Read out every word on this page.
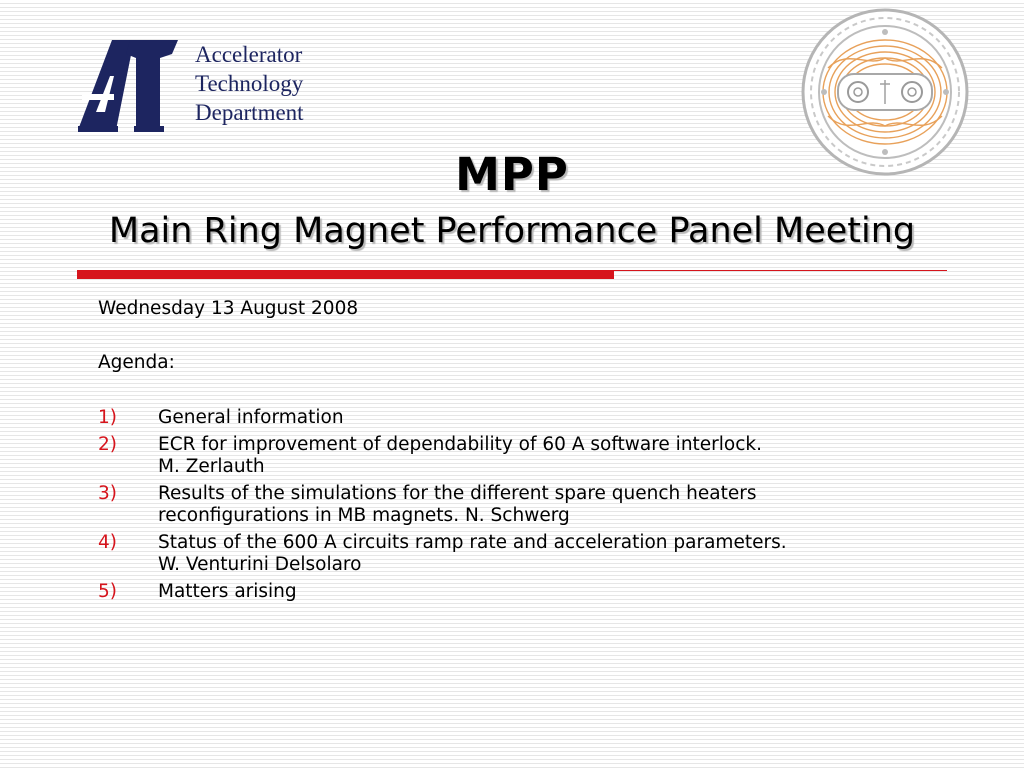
Accelerator
Technology
Department
MPP
Main Ring Magnet Performance Panel Meeting
Wednesday 13 August 2008
Agenda:
1) General information
2) ECR for improvement of dependability of 60 A software interlock.
M. Zerlauth
3) Results of the simulations for the different spare quench heaters
reconfigurations in MB magnets. N. Schwerg
4) Status of the 600 A circuits ramp rate and acceleration parameters.
W. Venturini Delsolaro
5) Matters arising
